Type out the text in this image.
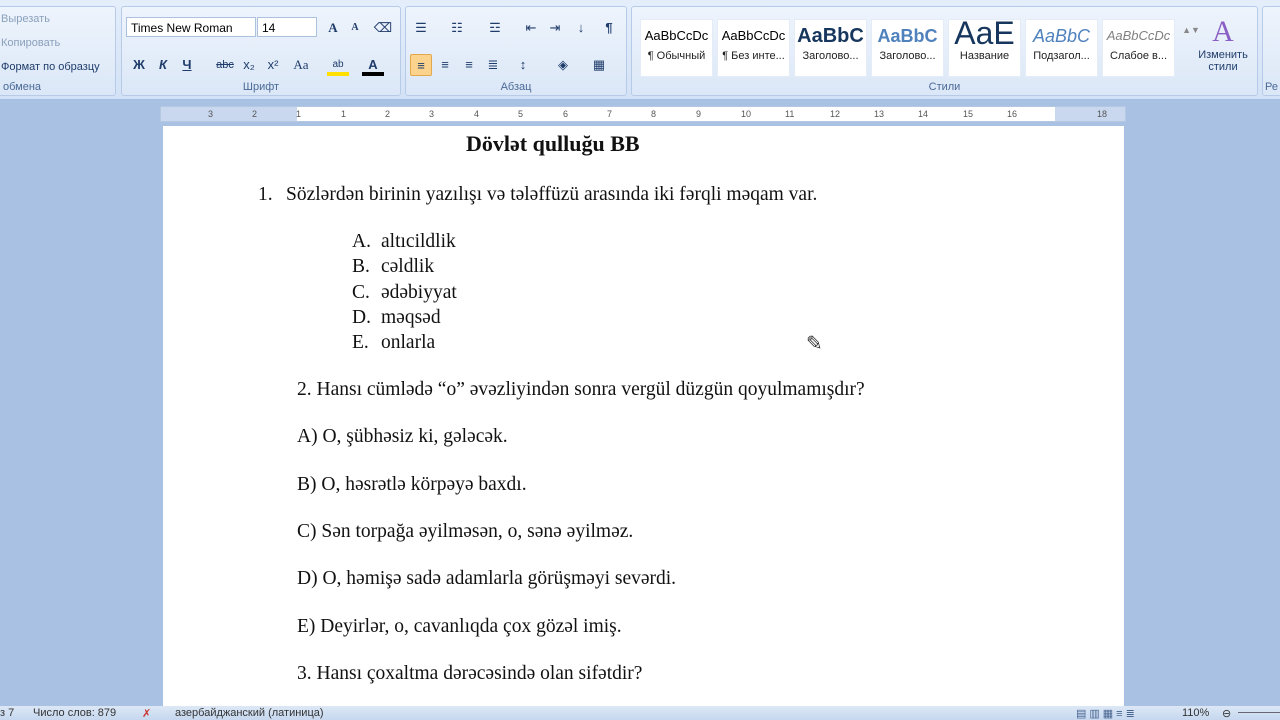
Вырезать
Копировать
Формат по образцу
обмена
Times New Roman	14	A	A	⌫
Ж	К	Ч	abc x₂ x²	Aa	ab	A
Шрифт
☰	☷	☲	⇤	⇥	↓	¶
≡	≡	≡	≣	↕	◈	▦
Абзац
AaBbCcDc
¶ Обычный
AaBbCcDc
¶ Без инте...
AaBbC
Заголово...
AaBbC
Заголово...
AaE
Название
AaBbC
Подзагол...
AaBbCcDc
Слабое в...
▲▼ A
Изменить стили
Стили	Ре
3	2	1	1	2	3	4	5	6	7	8	9	10	11	12	13	14	15	16	18
Dövlət qulluğu BB
1. Sözlərdən birinin yazılışı və tələffüzü arasında iki fərqli məqam var.
A. altıcildlik
B. cəldlik
C. ədəbiyyat
D. məqsəd
E. onlarla
2. Hansı cümlədə “o” əvəzliyindən sonra vergül düzgün qoyulmamışdır?
A) O, şübhəsiz ki, gələcək.
B) O, həsrətlə körpəyə baxdı.
C) Sən torpağa əyilməsən, o, sənə əyilməz.
D) O, həmişə sadə adamlarla görüşməyi sevərdi.
E) Deyirlər, o, cavanlıqda çox gözəl imiş.
3. Hansı çoxaltma dərəcəsində olan sifətdir?
✎
з 7 Число слов: 879 ✗ азербайджанский (латиница)	▤▥▦≡≣	110% ⊖
